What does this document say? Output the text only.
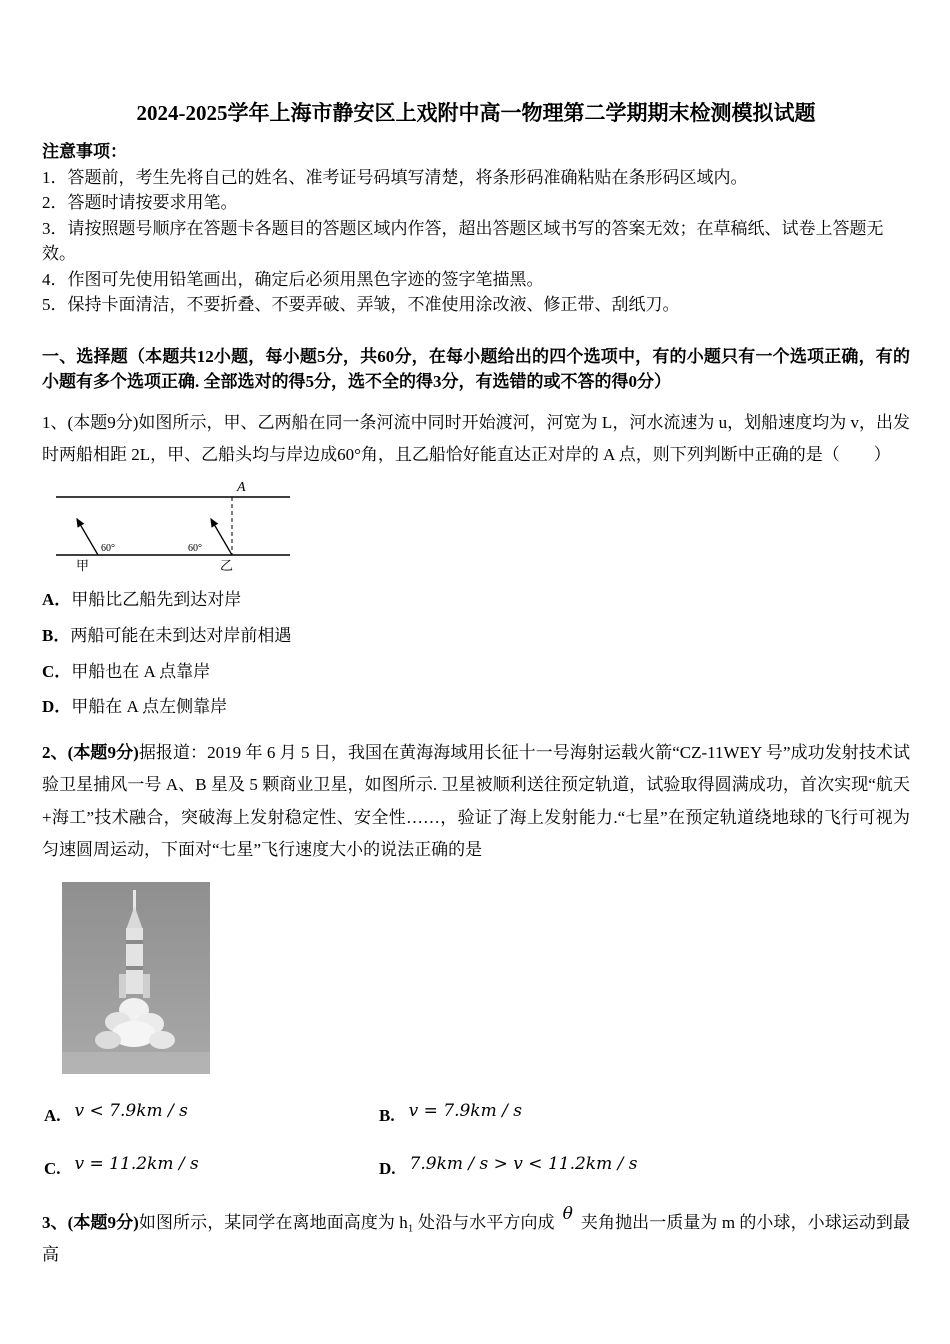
2024-2025学年上海市静安区上戏附中高一物理第二学期期末检测模拟试题
注意事项：
1．答题前，考生先将自己的姓名、准考证号码填写清楚，将条形码准确粘贴在条形码区域内。
2．答题时请按要求用笔。
3．请按照题号顺序在答题卡各题目的答题区域内作答，超出答题区域书写的答案无效；在草稿纸、试卷上答题无效。
4．作图可先使用铅笔画出，确定后必须用黑色字迹的签字笔描黑。
5．保持卡面清洁，不要折叠、不要弄破、弄皱，不准使用涂改液、修正带、刮纸刀。
一、选择题（本题共12小题，每小题5分，共60分，在每小题给出的四个选项中，有的小题只有一个选项正确，有的小题有多个选项正确. 全部选对的得5分，选不全的得3分，有选错的或不答的得0分）
1、(本题9分)如图所示，甲、乙两船在同一条河流中同时开始渡河，河宽为 L，河水流速为 u，划船速度均为 v，出发时两船相距 2L，甲、乙船头均与岸边成60°角，且乙船恰好能直达正对岸的 A 点，则下列判断中正确的是（　　）
60°	60°
A
甲	乙
A．甲船比乙船先到达对岸
B．两船可能在未到达对岸前相遇
C．甲船也在 A 点靠岸
D．甲船在 A 点左侧靠岸
2、(本题9分)据报道：2019 年 6 月 5 日，我国在黄海海域用长征十一号海射运载火箭“CZ-11WEY 号”成功发射技术试验卫星捕风一号 A、B 星及 5 颗商业卫星，如图所示. 卫星被顺利送往预定轨道，试验取得圆满成功，首次实现“航天+海工”技术融合，突破海上发射稳定性、安全性……，验证了海上发射能力.“七星”在预定轨道绕地球的飞行可视为匀速圆周运动，下面对“七星”飞行速度大小的说法正确的是
A. v < 7.9km / s	B. v = 7.9km / s
C. v = 11.2km / s	D. 7.9km / s > v < 11.2km / s
3、(本题9分)如图所示，某同学在离地面高度为 h₁ 处沿与水平方向成 θ 夹角抛出一质量为 m 的小球，小球运动到最高
